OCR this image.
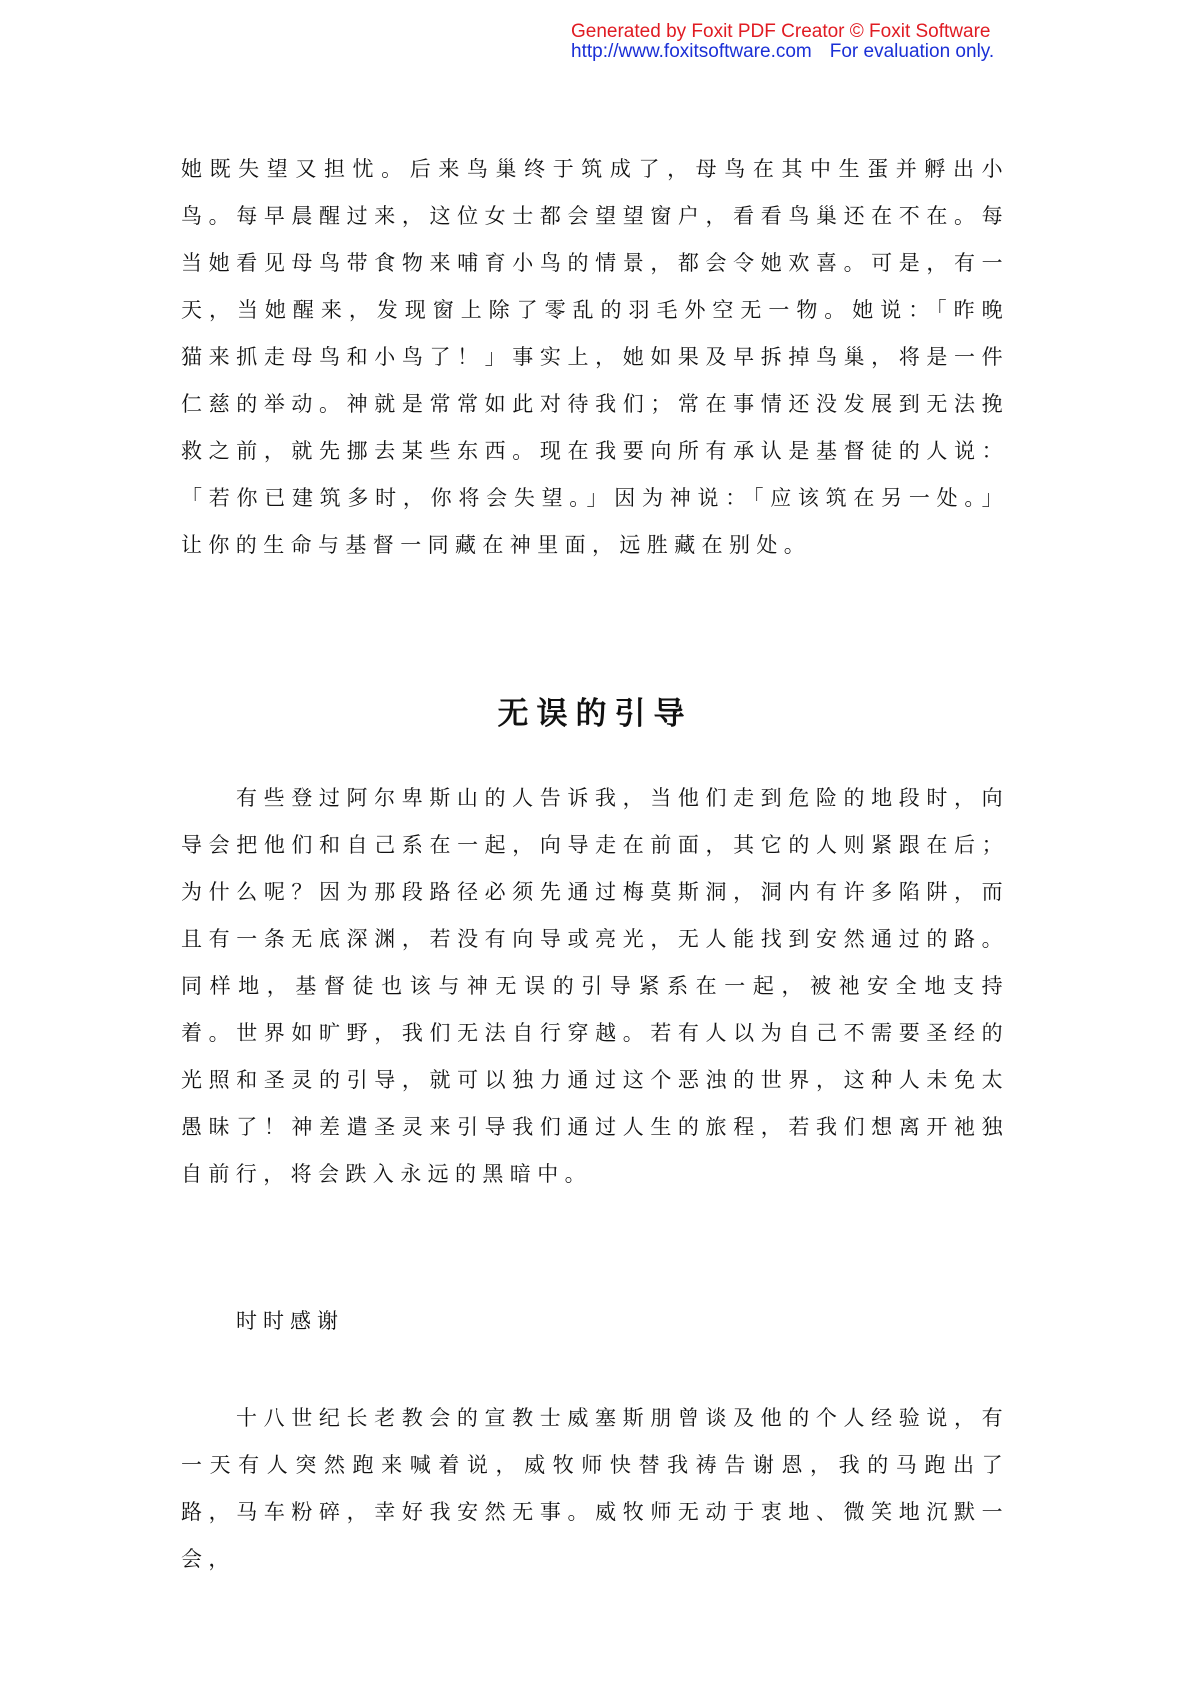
Generated by Foxit PDF Creator © Foxit Software
http://www.foxitsoftware.com For evaluation only.

她既失望又担忧。后来鸟巢终于筑成了，母鸟在其中生蛋并孵出小鸟。每早晨醒过来，这位女士都会望望窗户，看看鸟巢还在不在。每当她看见母鸟带食物来哺育小鸟的情景，都会令她欢喜。可是，有一天，当她醒来，发现窗上除了零乱的羽毛外空无一物。她说：「昨晚猫来抓走母鸟和小鸟了！」事实上，她如果及早拆掉鸟巢，将是一件仁慈的举动。神就是常常如此对待我们；常在事情还没发展到无法挽救之前，就先挪去某些东西。现在我要向所有承认是基督徒的人说：「若你已建筑多时，你将会失望。」因为神说：「应该筑在另一处。」让你的生命与基督一同藏在神里面，远胜藏在别处。

无误的引导

有些登过阿尔卑斯山的人告诉我，当他们走到危险的地段时，向导会把他们和自己系在一起，向导走在前面，其它的人则紧跟在后；为什么呢？因为那段路径必须先通过梅莫斯洞，洞内有许多陷阱，而且有一条无底深渊，若没有向导或亮光，无人能找到安然通过的路。同样地，基督徒也该与神无误的引导紧系在一起，被祂安全地支持着。世界如旷野，我们无法自行穿越。若有人以为自己不需要圣经的光照和圣灵的引导，就可以独力通过这个恶浊的世界，这种人未免太愚昧了！神差遣圣灵来引导我们通过人生的旅程，若我们想离开祂独自前行，将会跌入永远的黑暗中。

时时感谢

十八世纪长老教会的宣教士威塞斯朋曾谈及他的个人经验说，有一天有人突然跑来喊着说，威牧师快替我祷告谢恩，我的马跑出了路，马车粉碎，幸好我安然无事。威牧师无动于衷地、微笑地沉默一会，
